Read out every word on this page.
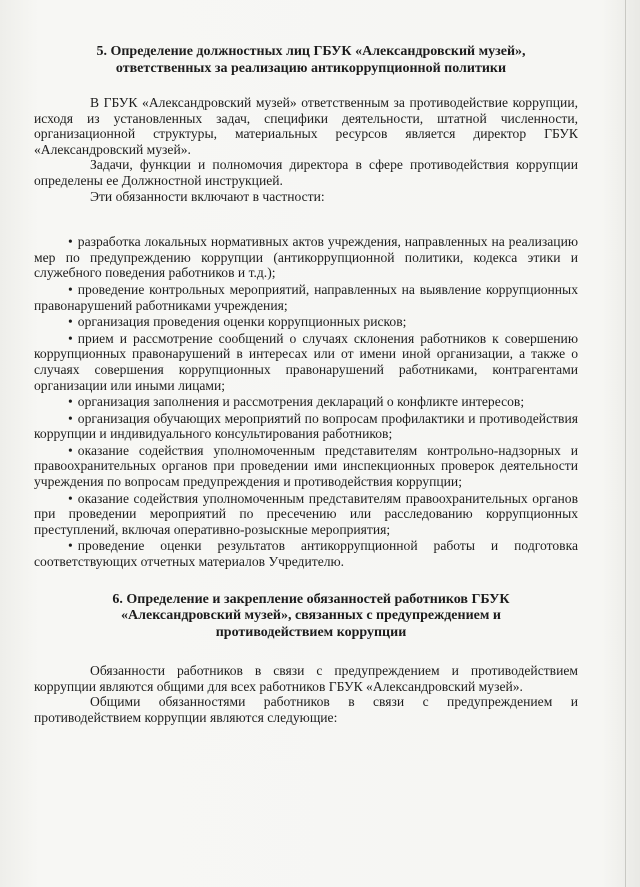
5. Определение должностных лиц ГБУК «Александровский музей»,
ответственных за реализацию антикоррупционной политики

В ГБУК «Александровский музей» ответственным за противодействие коррупции, исходя из установленных задач, специфики деятельности, штатной численности, организационной структуры, материальных ресурсов является директор ГБУК «Александровский музей».

Задачи, функции и полномочия директора в сфере противодействия коррупции определены ее Должностной инструкцией.

Эти обязанности включают в частности:

• разработка локальных нормативных актов учреждения, направленных на реализацию мер по предупреждению коррупции (антикоррупционной политики, кодекса этики и служебного поведения работников и т.д.);
• проведение контрольных мероприятий, направленных на выявление коррупционных правонарушений работниками учреждения;
• организация проведения оценки коррупционных рисков;
• прием и рассмотрение сообщений о случаях склонения работников к совершению коррупционных правонарушений в интересах или от имени иной организации, а также о случаях совершения коррупционных правонарушений работниками, контрагентами организации или иными лицами;
• организация заполнения и рассмотрения деклараций о конфликте интересов;
• организация обучающих мероприятий по вопросам профилактики и противодействия коррупции и индивидуального консультирования работников;
• оказание содействия уполномоченным представителям контрольно-надзорных и правоохранительных органов при проведении ими инспекционных проверок деятельности учреждения по вопросам предупреждения и противодействия коррупции;
• оказание содействия уполномоченным представителям правоохранительных органов при проведении мероприятий по пресечению или расследованию коррупционных преступлений, включая оперативно-розыскные мероприятия;
• проведение оценки результатов антикоррупционной работы и подготовка соответствующих отчетных материалов Учредителю.
6. Определение и закрепление обязанностей работников ГБУК
«Александровский музей», связанных с предупреждением и
противодействием коррупции

Обязанности работников в связи с предупреждением и противодействием коррупции являются общими для всех работников ГБУК «Александровский музей».

Общими обязанностями работников в связи с предупреждением и противодействием коррупции являются следующие:
